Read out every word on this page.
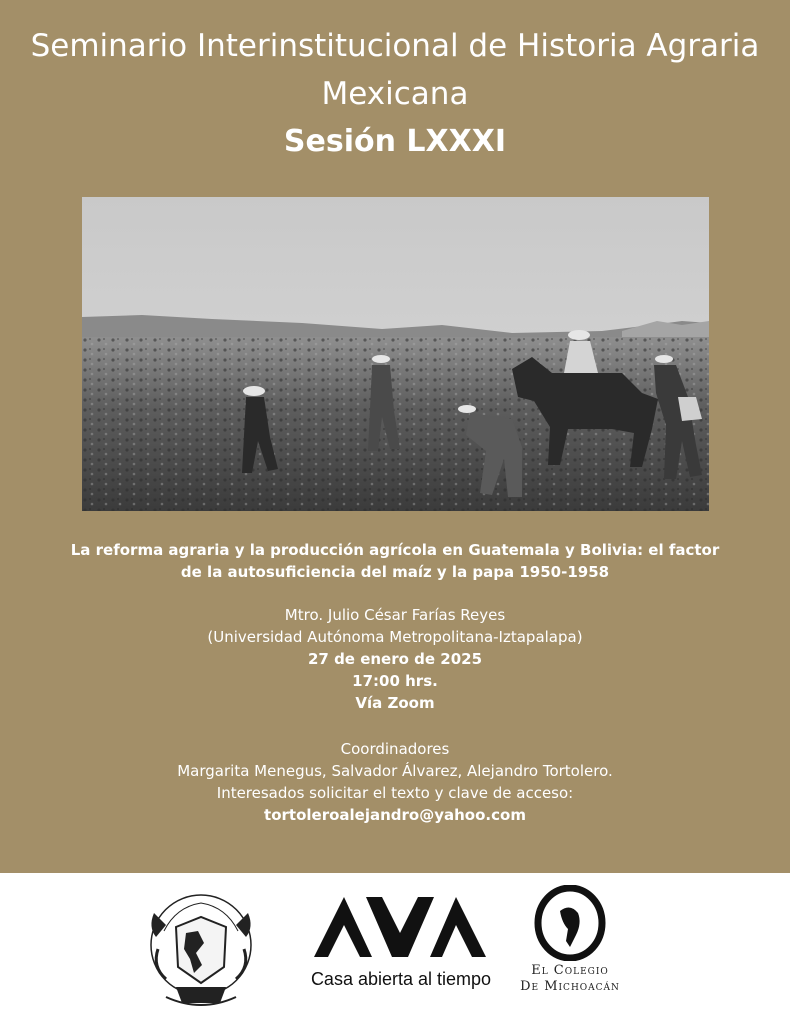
Seminario Interinstitucional de Historia Agraria
Mexicana
Sesión LXXXI
La reforma agraria y la producción agrícola en Guatemala y Bolivia: el factor
de la autosuficiencia del maíz y la papa 1950-1958
Mtro. Julio César Farías Reyes
(Universidad Autónoma Metropolitana-Iztapalapa)
27 de enero de 2025
17:00 hrs.
Vía Zoom
Coordinadores
Margarita Menegus, Salvador Álvarez, Alejandro Tortolero.
Interesados solicitar el texto y clave de acceso:
tortoleroalejandro@yahoo.com
Casa abierta al tiempo	El Colegio
De Michoacán
